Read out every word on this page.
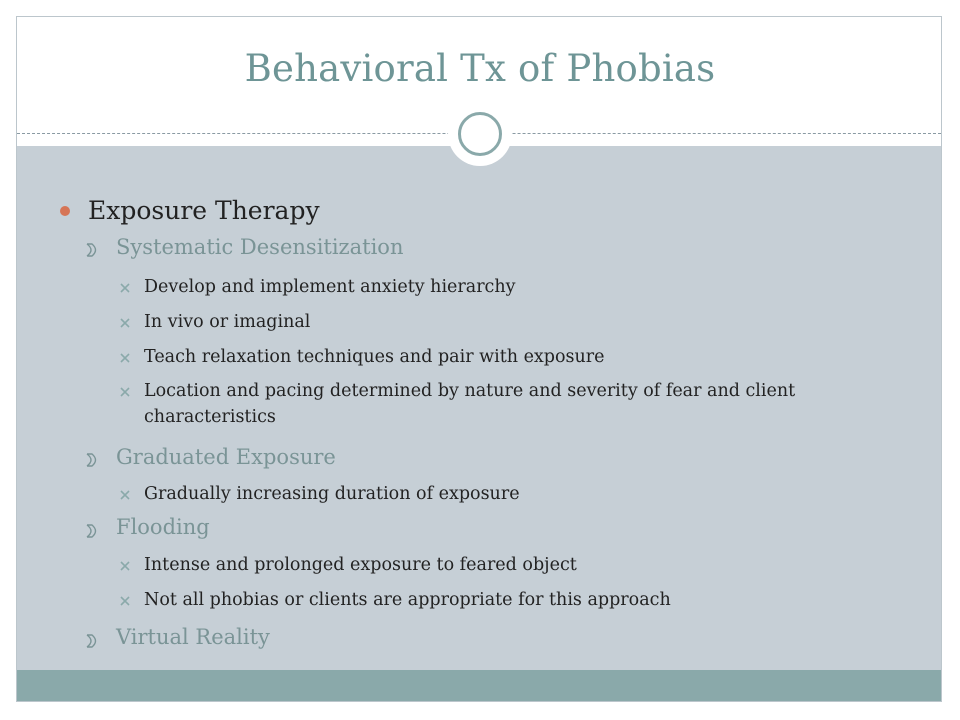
Behavioral Tx of Phobias
Exposure Therapy
Systematic Desensitization
Develop and implement anxiety hierarchy
In vivo or imaginal
Teach relaxation techniques and pair with exposure
Location and pacing determined by nature and severity of fear and client characteristics
Graduated Exposure
Gradually increasing duration of exposure
Flooding
Intense and prolonged exposure to feared object
Not all phobias or clients are appropriate for this approach
Virtual Reality
